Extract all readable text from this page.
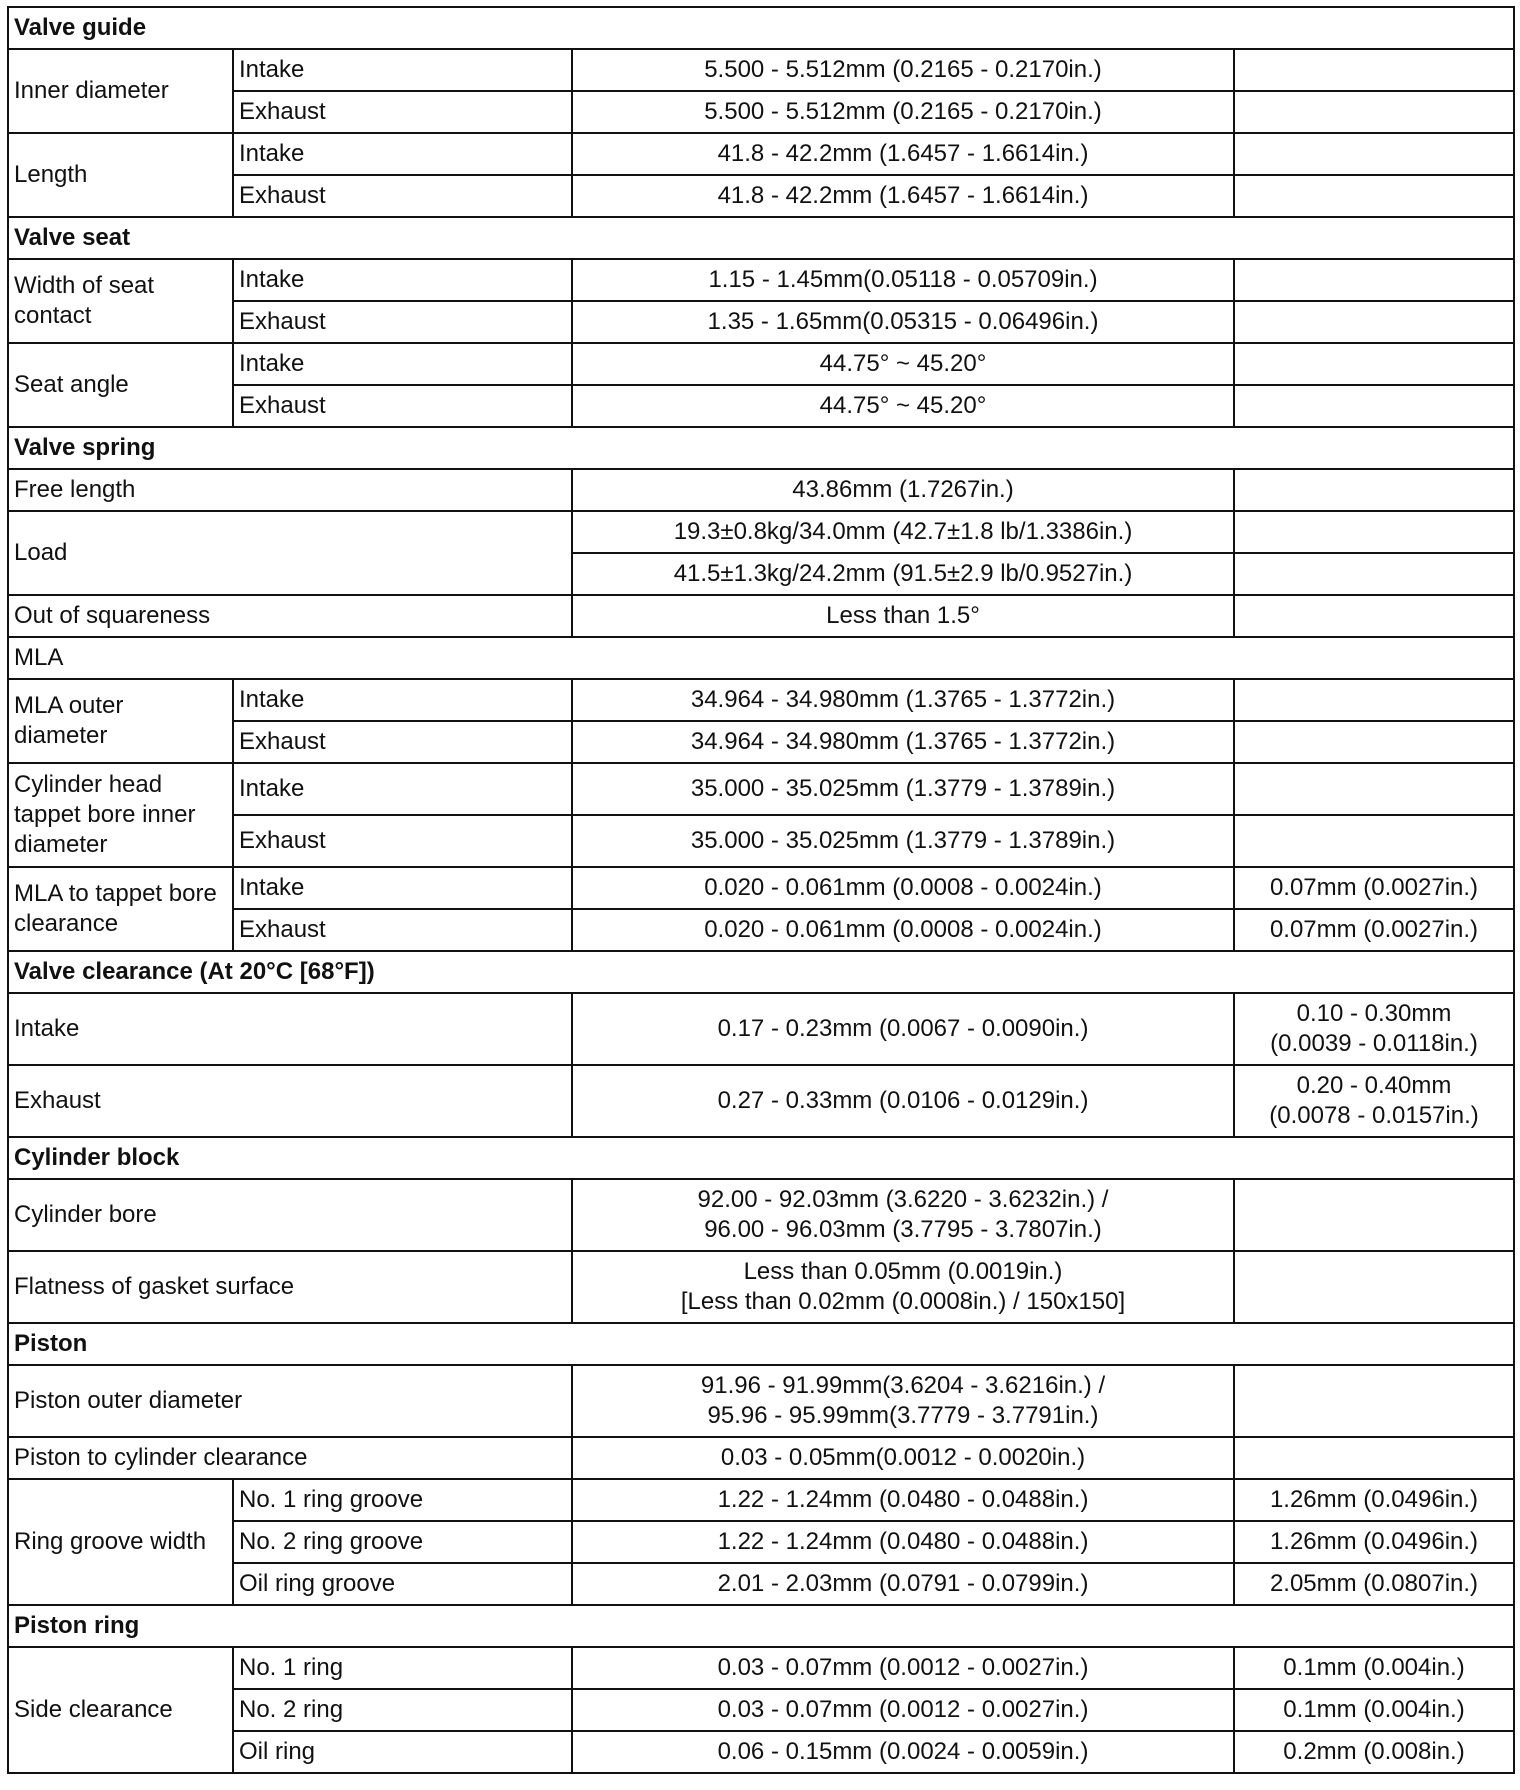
Valve guide			
Inner diameter	Intake	5.500 - 5.512mm (0.2165 - 0.2170in.)	
	Exhaust	5.500 - 5.512mm (0.2165 - 0.2170in.)	
Length	Intake	41.8 - 42.2mm (1.6457 - 1.6614in.)	
	Exhaust	41.8 - 42.2mm (1.6457 - 1.6614in.)	
Valve seat			
Width of seat
contact	Intake	1.15 - 1.45mm(0.05118 - 0.05709in.)	
	Exhaust	1.35 - 1.65mm(0.05315 - 0.06496in.)	
Seat angle	Intake	44.75° ~ 45.20°	
	Exhaust	44.75° ~ 45.20°	
Valve spring			
Free length		43.86mm (1.7267in.)	
Load		19.3±0.8kg/34.0mm (42.7±1.8 lb/1.3386in.)	
		41.5±1.3kg/24.2mm (91.5±2.9 lb/0.9527in.)	
Out of squareness		Less than 1.5°	
MLA			
MLA outer
diameter	Intake	34.964 - 34.980mm (1.3765 - 1.3772in.)	
	Exhaust	34.964 - 34.980mm (1.3765 - 1.3772in.)	
Cylinder head
tappet bore inner
diameter	Intake	35.000 - 35.025mm (1.3779 - 1.3789in.)	
	Exhaust	35.000 - 35.025mm (1.3779 - 1.3789in.)	
MLA to tappet bore
clearance	Intake	0.020 - 0.061mm (0.0008 - 0.0024in.)	0.07mm (0.0027in.)
	Exhaust	0.020 - 0.061mm (0.0008 - 0.0024in.)	0.07mm (0.0027in.)
Valve clearance (At 20°C [68°F])			
Intake		0.17 - 0.23mm (0.0067 - 0.0090in.)	0.10 - 0.30mm
(0.0039 - 0.0118in.)
Exhaust		0.27 - 0.33mm (0.0106 - 0.0129in.)	0.20 - 0.40mm
(0.0078 - 0.0157in.)
Cylinder block			
Cylinder bore		92.00 - 92.03mm (3.6220 - 3.6232in.) /
96.00 - 96.03mm (3.7795 - 3.7807in.)	
Flatness of gasket surface		Less than 0.05mm (0.0019in.)
[Less than 0.02mm (0.0008in.) / 150x150]	
Piston			
Piston outer diameter		91.96 - 91.99mm(3.6204 - 3.6216in.) /
95.96 - 95.99mm(3.7779 - 3.7791in.)	
Piston to cylinder clearance		0.03 - 0.05mm(0.0012 - 0.0020in.)	
Ring groove width	No. 1 ring groove	1.22 - 1.24mm (0.0480 - 0.0488in.)	1.26mm (0.0496in.)
	No. 2 ring groove	1.22 - 1.24mm (0.0480 - 0.0488in.)	1.26mm (0.0496in.)
	Oil ring groove	2.01 - 2.03mm (0.0791 - 0.0799in.)	2.05mm (0.0807in.)
Piston ring			
Side clearance	No. 1 ring	0.03 - 0.07mm (0.0012 - 0.0027in.)	0.1mm (0.004in.)
	No. 2 ring	0.03 - 0.07mm (0.0012 - 0.0027in.)	0.1mm (0.004in.)
	Oil ring	0.06 - 0.15mm (0.0024 - 0.0059in.)	0.2mm (0.008in.)
